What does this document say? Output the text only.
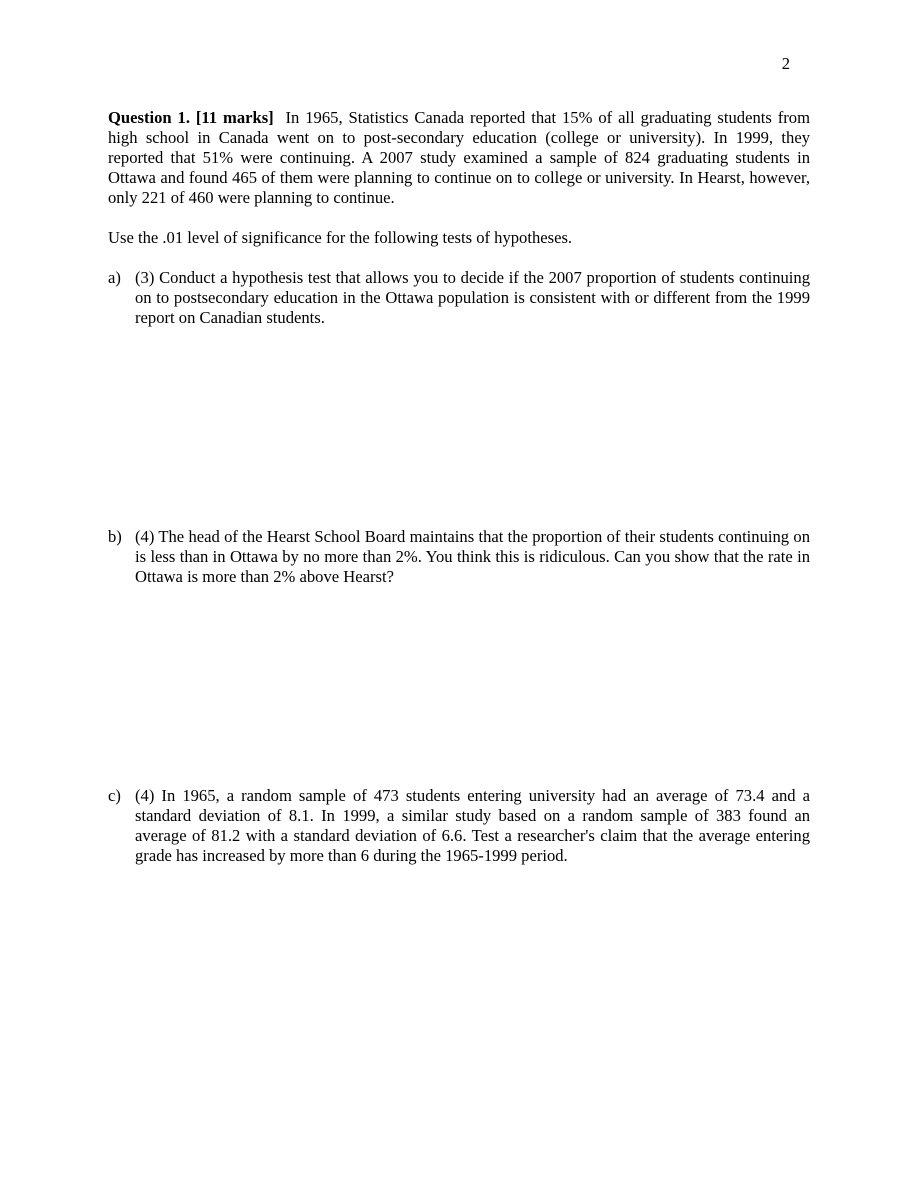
2
Question 1. [11 marks] In 1965, Statistics Canada reported that 15% of all graduating students from high school in Canada went on to post-secondary education (college or university). In 1999, they reported that 51% were continuing. A 2007 study examined a sample of 824 graduating students in Ottawa and found 465 of them were planning to continue on to college or university. In Hearst, however, only 221 of 460 were planning to continue.
Use the .01 level of significance for the following tests of hypotheses.
a) (3) Conduct a hypothesis test that allows you to decide if the 2007 proportion of students continuing on to postsecondary education in the Ottawa population is consistent with or different from the 1999 report on Canadian students.
b) (4) The head of the Hearst School Board maintains that the proportion of their students continuing on is less than in Ottawa by no more than 2%. You think this is ridiculous. Can you show that the rate in Ottawa is more than 2% above Hearst?
c) (4) In 1965, a random sample of 473 students entering university had an average of 73.4 and a standard deviation of 8.1. In 1999, a similar study based on a random sample of 383 found an average of 81.2 with a standard deviation of 6.6. Test a researcher's claim that the average entering grade has increased by more than 6 during the 1965-1999 period.
